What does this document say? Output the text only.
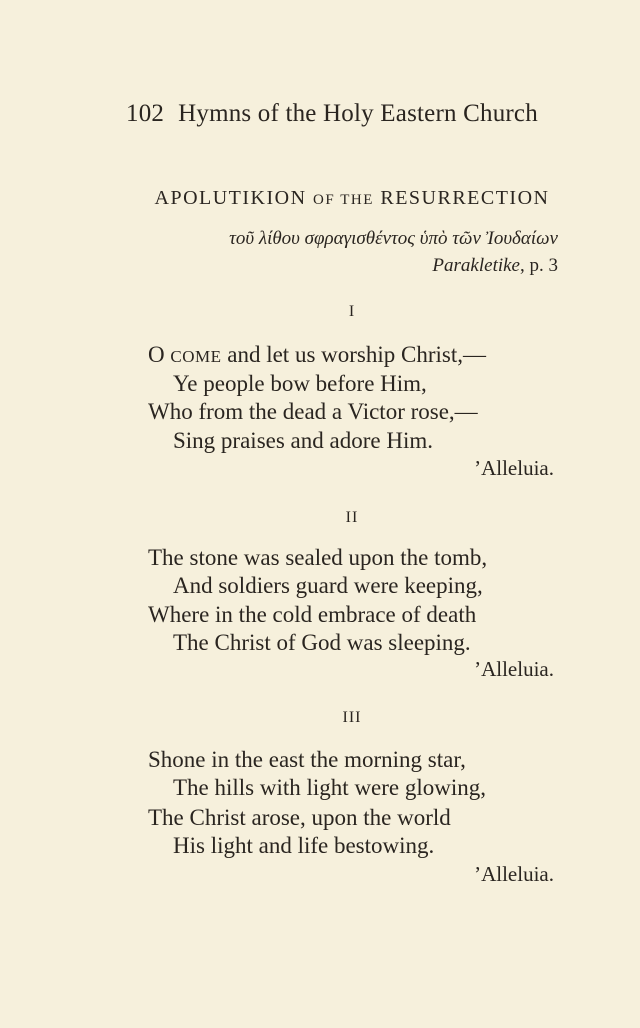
102 Hymns of the Holy Eastern Church
APOLUTIKION OF THE RESURRECTION
τοῦ λίθου σφραγισθέντος ὑπὸ τῶν Ἰουδαίων
Parakletike, p. 3
I
O COME and let us worship Christ,—
Ye people bow before Him,
Who from the dead a Victor rose,—
Sing praises and adore Him.
’Alleluia.
II
The stone was sealed upon the tomb,
And soldiers guard were keeping,
Where in the cold embrace of death
The Christ of God was sleeping.
’Alleluia.
III
Shone in the east the morning star,
The hills with light were glowing,
The Christ arose, upon the world
His light and life bestowing.
’Alleluia.
